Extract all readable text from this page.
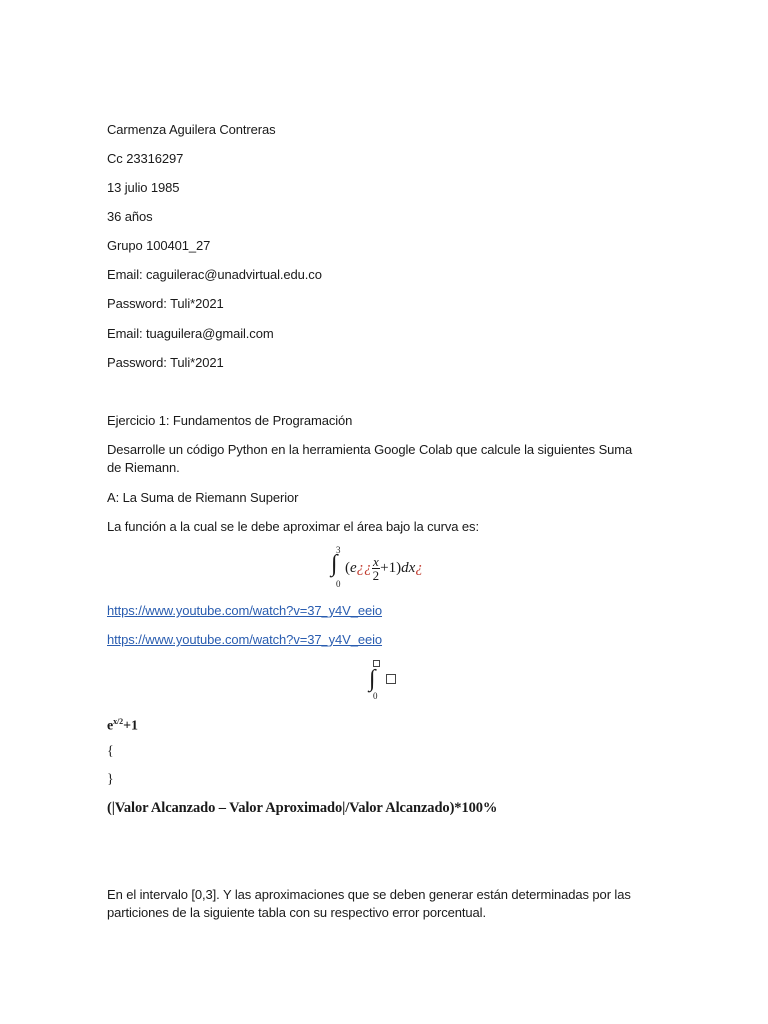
Carmenza Aguilera Contreras
Cc 23316297
13 julio 1985
36 años
Grupo 100401_27
Email: caguilerac@unadvirtual.edu.co
Password: Tuli*2021
Email: tuaguilera@gmail.com
Password: Tuli*2021
Ejercicio 1: Fundamentos de Programación
Desarrolle un código Python en la herramienta Google Colab que calcule la siguientes Suma de Riemann.
A: La Suma de Riemann Superior
La función a la cual se le debe aproximar el área bajo la curva es:
3
∫
0
(e¿¿ $\frac{x}{2}$ +1)dx¿
https://www.youtube.com/watch?v=37_y4V_eeio
https://www.youtube.com/watch?v=37_y4V_eeio
∫
0
$e^{x/2}+1$
{
}
(|Valor Alcanzado – Valor Aproximado|/Valor Alcanzado)*100%
En el intervalo [0,3]. Y las aproximaciones que se deben generar están determinadas por las particiones de la siguiente tabla con su respectivo error porcentual.
